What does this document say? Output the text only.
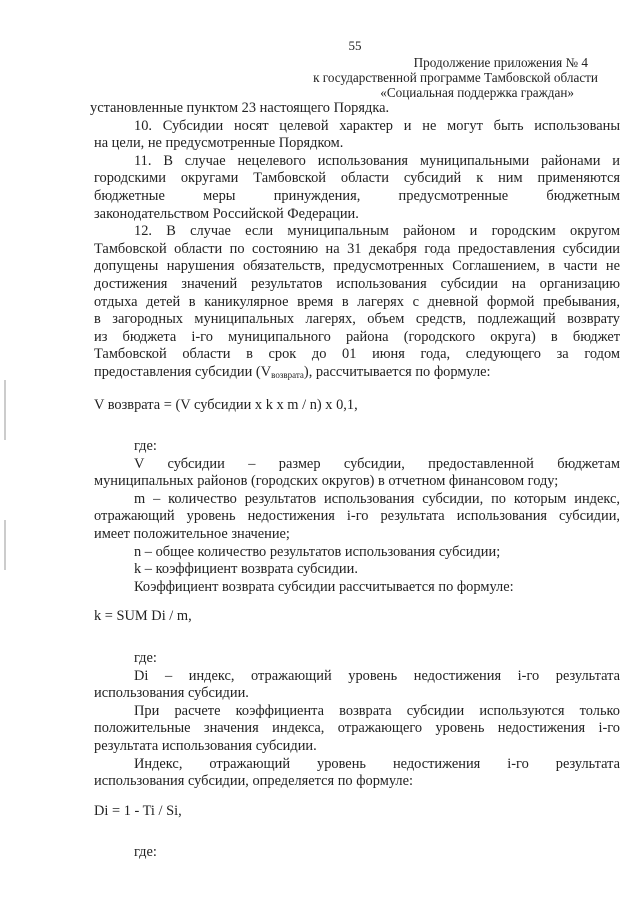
55
Продолжение приложения № 4
к государственной программе Тамбовской области
«Социальная поддержка граждан»

установленные пунктом 23 настоящего Порядка.

10. Субсидии носят целевой характер и не могут быть использованы

на цели, не предусмотренные Порядком.

11. В случае нецелевого использования муниципальными районами и

городскими округами Тамбовской области субсидий к ним применяются

бюджетные меры принуждения, предусмотренные бюджетным

законодательством Российской Федерации.

12. В случае если муниципальным районом и городским округом

Тамбовской области по состоянию на 31 декабря года предоставления субсидии

допущены нарушения обязательств, предусмотренных Соглашением, в части не

достижения значений результатов использования субсидии на организацию

отдыха детей в каникулярное время в лагерях с дневной формой пребывания,

в загородных муниципальных лагерях, объем средств, подлежащий возврату

из бюджета i-го муниципального района (городского округа) в бюджет

Тамбовской области в срок до 01 июня года, следующего за годом

предоставления субсидии $(V_{возврата})$, рассчитывается по формуле:

V возврата = (V субсидии x k x m / n) x 0,1,

где:

V субсидии – размер субсидии, предоставленной бюджетам

муниципальных районов (городских округов) в отчетном финансовом году;

m – количество результатов использования субсидии, по которым индекс,

отражающий уровень недостижения i-го результата использования субсидии,

имеет положительное значение;

n – общее количество результатов использования субсидии;

k – коэффициент возврата субсидии.

Коэффициент возврата субсидии рассчитывается по формуле:

k = SUM Di / m,

где:

Di – индекс, отражающий уровень недостижения i-го результата

использования субсидии.

При расчете коэффициента возврата субсидии используются только

положительные значения индекса, отражающего уровень недостижения i-го

результата использования субсидии.

Индекс, отражающий уровень недостижения i-го результата

использования субсидии, определяется по формуле:

Di = 1 - Ti / Si,

где:
